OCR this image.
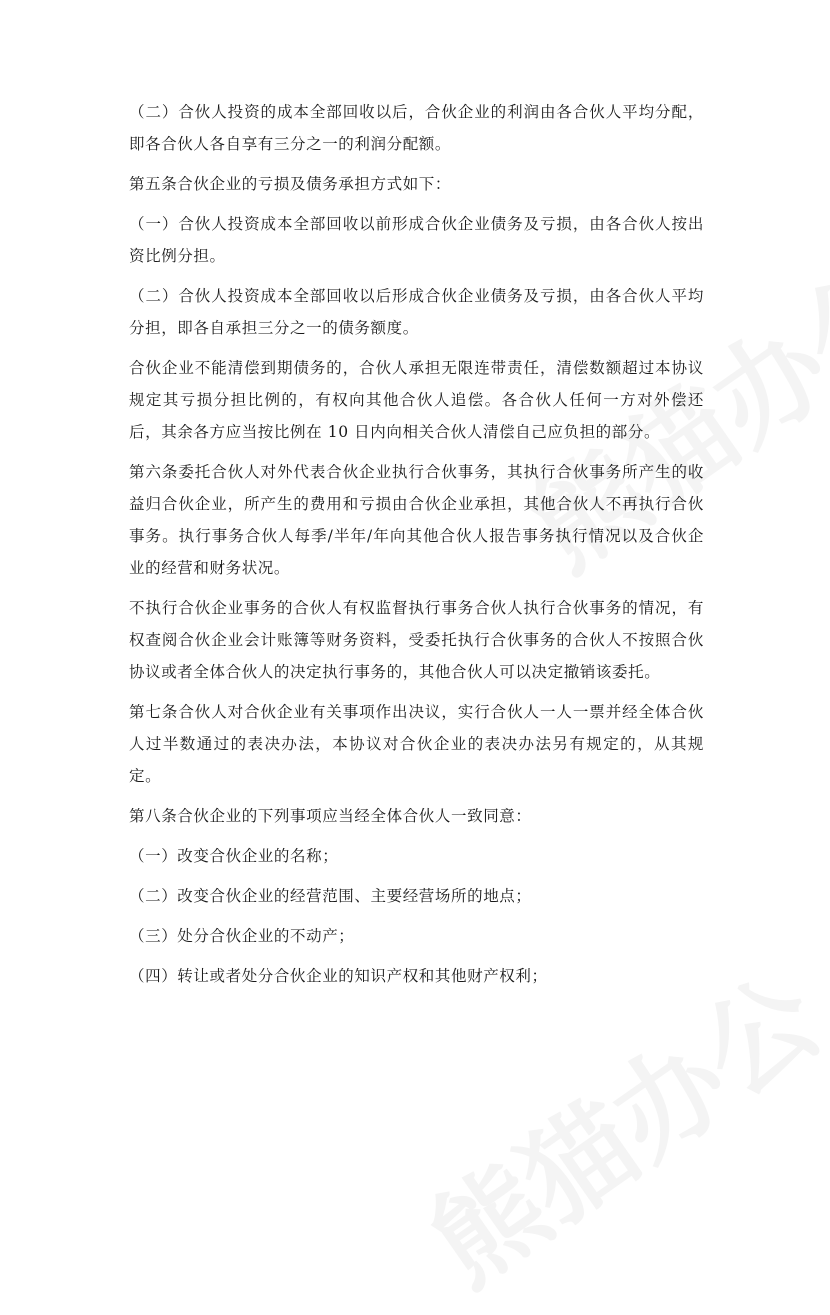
（二）合伙人投资的成本全部回收以后，合伙企业的利润由各合伙人平均分配，即各合伙人各自享有三分之一的利润分配额。

第五条合伙企业的亏损及债务承担方式如下：

（一）合伙人投资成本全部回收以前形成合伙企业债务及亏损，由各合伙人按出资比例分担。

（二）合伙人投资成本全部回收以后形成合伙企业债务及亏损，由各合伙人平均分担，即各自承担三分之一的债务额度。

合伙企业不能清偿到期债务的，合伙人承担无限连带责任，清偿数额超过本协议规定其亏损分担比例的，有权向其他合伙人追偿。各合伙人任何一方对外偿还后，其余各方应当按比例在 10 日内向相关合伙人清偿自己应负担的部分。

第六条委托合伙人对外代表合伙企业执行合伙事务，其执行合伙事务所产生的收益归合伙企业，所产生的费用和亏损由合伙企业承担，其他合伙人不再执行合伙事务。执行事务合伙人每季/半年/年向其他合伙人报告事务执行情况以及合伙企业的经营和财务状况。

不执行合伙企业事务的合伙人有权监督执行事务合伙人执行合伙事务的情况，有权查阅合伙企业会计账簿等财务资料，受委托执行合伙事务的合伙人不按照合伙协议或者全体合伙人的决定执行事务的，其他合伙人可以决定撤销该委托。

第七条合伙人对合伙企业有关事项作出决议，实行合伙人一人一票并经全体合伙人过半数通过的表决办法，本协议对合伙企业的表决办法另有规定的，从其规定。

第八条合伙企业的下列事项应当经全体合伙人一致同意：

（一）改变合伙企业的名称；

（二）改变合伙企业的经营范围、主要经营场所的地点；

（三）处分合伙企业的不动产；

（四）转让或者处分合伙企业的知识产权和其他财产权利；
